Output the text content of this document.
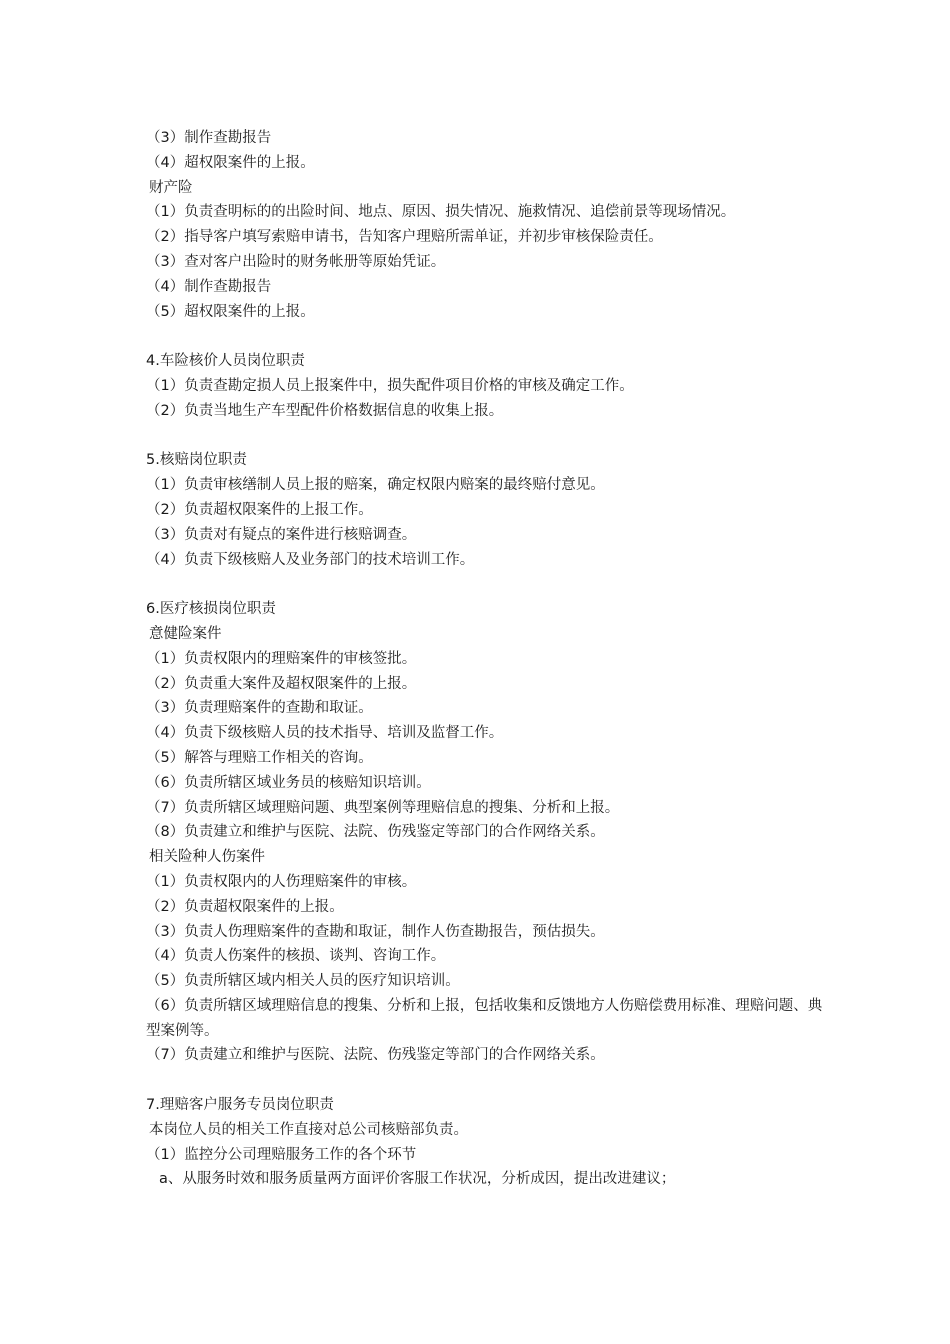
（3）制作查勘报告
（4）超权限案件的上报。
财产险
（1）负责查明标的的出险时间、地点、原因、损失情况、施救情况、追偿前景等现场情况。
（2）指导客户填写索赔申请书，告知客户理赔所需单证，并初步审核保险责任。
（3）查对客户出险时的财务帐册等原始凭证。
（4）制作查勘报告
（5）超权限案件的上报。
4.车险核价人员岗位职责
（1）负责查勘定损人员上报案件中，损失配件项目价格的审核及确定工作。
（2）负责当地生产车型配件价格数据信息的收集上报。
5.核赔岗位职责
（1）负责审核缮制人员上报的赔案，确定权限内赔案的最终赔付意见。
（2）负责超权限案件的上报工作。
（3）负责对有疑点的案件进行核赔调查。
（4）负责下级核赔人及业务部门的技术培训工作。
6.医疗核损岗位职责
意健险案件
（1）负责权限内的理赔案件的审核签批。
（2）负责重大案件及超权限案件的上报。
（3）负责理赔案件的查勘和取证。
（4）负责下级核赔人员的技术指导、培训及监督工作。
（5）解答与理赔工作相关的咨询。
（6）负责所辖区域业务员的核赔知识培训。
（7）负责所辖区域理赔问题、典型案例等理赔信息的搜集、分析和上报。
（8）负责建立和维护与医院、法院、伤残鉴定等部门的合作网络关系。
相关险种人伤案件
（1）负责权限内的人伤理赔案件的审核。
（2）负责超权限案件的上报。
（3）负责人伤理赔案件的查勘和取证，制作人伤查勘报告，预估损失。
（4）负责人伤案件的核损、谈判、咨询工作。
（5）负责所辖区域内相关人员的医疗知识培训。
（6）负责所辖区域理赔信息的搜集、分析和上报，包括收集和反馈地方人伤赔偿费用标准、理赔问题、典型案例等。
（7）负责建立和维护与医院、法院、伤残鉴定等部门的合作网络关系。
7.理赔客户服务专员岗位职责
本岗位人员的相关工作直接对总公司核赔部负责。
（1）监控分公司理赔服务工作的各个环节
a、从服务时效和服务质量两方面评价客服工作状况，分析成因，提出改进建议；
